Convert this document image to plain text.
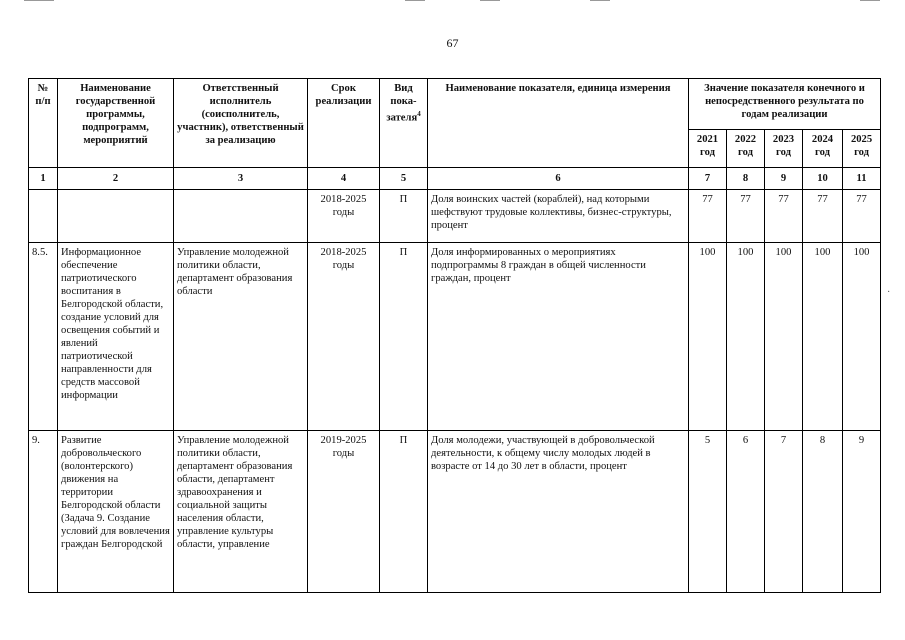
·
67
№ п/п	Наименование государственной программы, подпрограмм, мероприятий	Ответственный исполнитель (соисполнитель, участник), ответственный за реализацию	Срок реализации	Вид пока-зателя$^4$	Наименование показателя, единица измерения	Значение показателя конечного и непосредственного результата по годам реализации				
						2021 год	2022 год	2023 год	2024 год	2025 год
1	2	3	4	5	6	7	8	9	10	11
			2018-2025 годы	П	Доля воинских частей (кораблей), над которыми шефствуют трудовые коллективы, бизнес-структуры, процент	77	77	77	77	77
8.5.	Информационное обеспечение патриотического воспитания в Белгородской области, создание условий для освещения событий и явлений патриотической направленности для средств массовой информации	Управление молодежной политики области, департамент образования области	2018-2025 годы	П	Доля информированных о мероприятиях подпрограммы 8 граждан в общей численности граждан, процент	100	100	100	100	100
9.	Развитие добровольческого (волонтерского) движения на территории Белгородской области (Задача 9. Создание условий для вовлечения граждан Белгородской	Управление молодежной политики области, департамент образования области, департамент здравоохранения и социальной защиты населения области, управление культуры области, управление	2019-2025 годы	П	Доля молодежи, участвующей в добровольческой деятельности, к общему числу молодых людей в возрасте от 14 до 30 лет в области, процент	5	6	7	8	9
